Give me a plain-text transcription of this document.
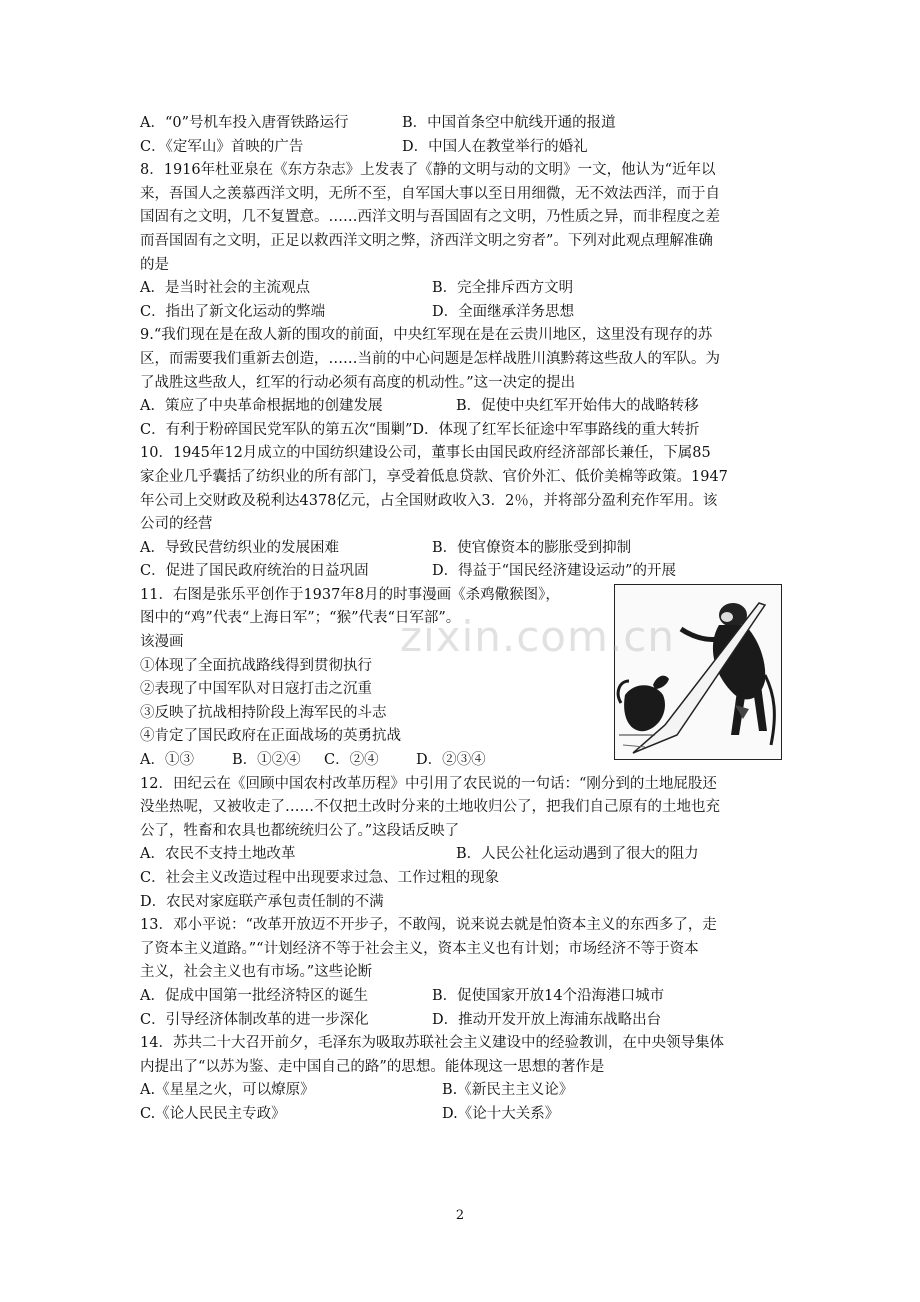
A．“0”号机车投入唐胥铁路运行	B．中国首条空中航线开通的报道
C．《定军山》首映的广告	D．中国人在教堂举行的婚礼
8．1916年杜亚泉在《东方杂志》上发表了《静的文明与动的文明》一文，他认为“近年以
来，吾国人之羡慕西洋文明，无所不至，自军国大事以至日用细微，无不效法西洋，而于自
国固有之文明，几不复置意。……西洋文明与吾国固有之文明，乃性质之异，而非程度之差
而吾国固有之文明，正足以救西洋文明之弊，济西洋文明之穷者”。下列对此观点理解准确
的是
A．是当时社会的主流观点	B．完全排斥西方文明
C．指出了新文化运动的弊端	D．全面继承洋务思想
9.“我们现在是在敌人新的围攻的前面，中央红军现在是在云贵川地区，这里没有现存的苏
区，而需要我们重新去创造，……当前的中心问题是怎样战胜川滇黔蒋这些敌人的军队。为
了战胜这些敌人，红军的行动必须有高度的机动性。”这一决定的提出
A．策应了中央革命根据地的创建发展	B．促使中央红军开始伟大的战略转移
C．有利于粉碎国民党军队的第五次“围剿” D．体现了红军长征途中军事路线的重大转折
10．1945年12月成立的中国纺织建设公司，董事长由国民政府经济部部长兼任，下属85
家企业几乎囊括了纺织业的所有部门，享受着低息贷款、官价外汇、低价美棉等政策。1947
年公司上交财政及税利达4378亿元，占全国财政收入3．2％，并将部分盈利充作军用。该
公司的经营
A．导致民营纺织业的发展困难	B．使官僚资本的膨胀受到抑制
C．促进了国民政府统治的日益巩固	D．得益于“国民经济建设运动”的开展
11．右图是张乐平创作于1937年8月的时事漫画《杀鸡儆猴图》，
图中的“鸡”代表“上海日军”；“猴”代表“日军部”。
该漫画
①体现了全面抗战路线得到贯彻执行
②表现了中国军队对日寇打击之沉重
③反映了抗战相持阶段上海军民的斗志
④肯定了国民政府在正面战场的英勇抗战
A．①③	B．①②④ C．②④	D．②③④
12．田纪云在《回顾中国农村改革历程》中引用了农民说的一句话：“刚分到的土地屁股还
没坐热呢，又被收走了……不仅把土改时分来的土地收归公了，把我们自己原有的土地也充
公了，牲畜和农具也都统统归公了。”这段话反映了
A．农民不支持土地改革	B．人民公社化运动遇到了很大的阻力
C．社会主义改造过程中出现要求过急、工作过粗的现象
D．农民对家庭联产承包责任制的不满
13．邓小平说：“改革开放迈不开步子，不敢闯，说来说去就是怕资本主义的东西多了，走
了资本主义道路。”“计划经济不等于社会主义，资本主义也有计划；市场经济不等于资本
主义，社会主义也有市场。”这些论断
A．促成中国第一批经济特区的诞生	B．促使国家开放14个沿海港口城市
C．引导经济体制改革的进一步深化	D．推动开发开放上海浦东战略出台
14．苏共二十大召开前夕，毛泽东为吸取苏联社会主义建设中的经验教训，在中央领导集体
内提出了“以苏为鉴、走中国自己的路”的思想。能体现这一思想的著作是
A.《星星之火，可以燎原》	B.《新民主主义论》
C.《论人民民主专政》	D.《论十大关系》
zixin.com.cn
2
